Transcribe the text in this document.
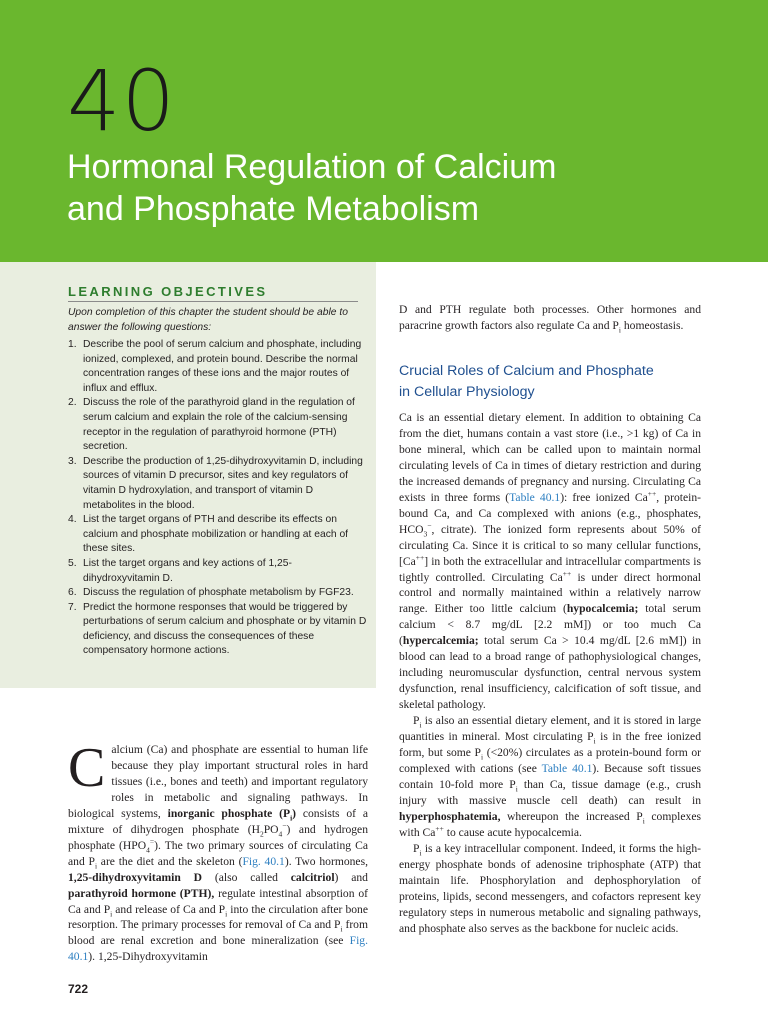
40
Hormonal Regulation of Calcium
and Phosphate Metabolism
LEARNING OBJECTIVES
Upon completion of this chapter the student should be able to answer the following questions:
1. Describe the pool of serum calcium and phosphate, including ionized, complexed, and protein bound. Describe the normal concentration ranges of these ions and the major routes of influx and efflux.
2. Discuss the role of the parathyroid gland in the regulation of serum calcium and explain the role of the calcium-sensing receptor in the regulation of parathyroid hormone (PTH) secretion.
3. Describe the production of 1,25-dihydroxyvitamin D, including sources of vitamin D precursor, sites and key regulators of vitamin D hydroxylation, and transport of vitamin D metabolites in the blood.
4. List the target organs of PTH and describe its effects on calcium and phosphate mobilization or handling at each of these sites.
5. List the target organs and key actions of 1,25-dihydroxyvitamin D.
6. Discuss the regulation of phosphate metabolism by FGF23.
7. Predict the hormone responses that would be triggered by perturbations of serum calcium and phosphate or by vitamin D deficiency, and discuss the consequences of these compensatory hormone actions.
C alcium (Ca) and phosphate are essential to human life because they play important structural roles in hard tissues (i.e., bones and teeth) and important regulatory roles in metabolic and signaling pathways. In biological systems, inorganic phosphate $(P_i)$ consists of a mixture of dihydrogen phosphate $(H_2PO_4^-)$ and hydrogen phosphate $(HPO_4^=)$. The two primary sources of circulating Ca and $P_i$ are the diet and the skeleton (Fig. 40.1). Two hormones, 1,25-dihydroxyvitamin D (also called calcitriol) and parathyroid hormone (PTH), regulate intestinal absorption of Ca and $P_i$ and release of Ca and $P_i$ into the circulation after bone resorption. The primary processes for removal of Ca and $P_i$ from blood are renal excretion and bone mineralization (see Fig. 40.1). 1,25-Dihydroxyvitamin

722

D and PTH regulate both processes. Other hormones and paracrine growth factors also regulate Ca and $P_i$ homeostasis.

Crucial Roles of Calcium and Phosphate
in Cellular Physiology

Ca is an essential dietary element. In addition to obtaining Ca from the diet, humans contain a vast store (i.e., >1 kg) of Ca in bone mineral, which can be called upon to maintain normal circulating levels of Ca in times of dietary restriction and during the increased demands of pregnancy and nursing. Circulating Ca exists in three forms (Table 40.1): free ionized Ca++, protein-bound Ca, and Ca complexed with anions (e.g., phosphates, $HCO_3^-$, citrate). The ionized form represents about 50% of circulating Ca. Since it is critical to so many cellular functions, [Ca++] in both the extracellular and intracellular compartments is tightly controlled. Circulating Ca++ is under direct hormonal control and normally maintained within a relatively narrow range. Either too little calcium (hypocalcemia; total serum calcium < 8.7 mg/dL [2.2 mM]) or too much Ca (hypercalcemia; total serum Ca > 10.4 mg/dL [2.6 mM]) in blood can lead to a broad range of pathophysiological changes, including neuromuscular dysfunction, central nervous system dysfunction, renal insufficiency, calcification of soft tissue, and skeletal pathology.

$P_i$ is also an essential dietary element, and it is stored in large quantities in mineral. Most circulating $P_i$ is in the free ionized form, but some $P_i$ (<20%) circulates as a protein-bound form or complexed with cations (see Table 40.1). Because soft tissues contain 10-fold more $P_i$ than Ca, tissue damage (e.g., crush injury with massive muscle cell death) can result in hyperphosphatemia, whereupon the increased $P_i$ complexes with Ca++ to cause acute hypocalcemia.

$P_i$ is a key intracellular component. Indeed, it forms the high-energy phosphate bonds of adenosine triphosphate (ATP) that maintain life. Phosphorylation and dephosphorylation of proteins, lipids, second messengers, and cofactors represent key regulatory steps in numerous metabolic and signaling pathways, and phosphate also serves as the backbone for nucleic acids.
